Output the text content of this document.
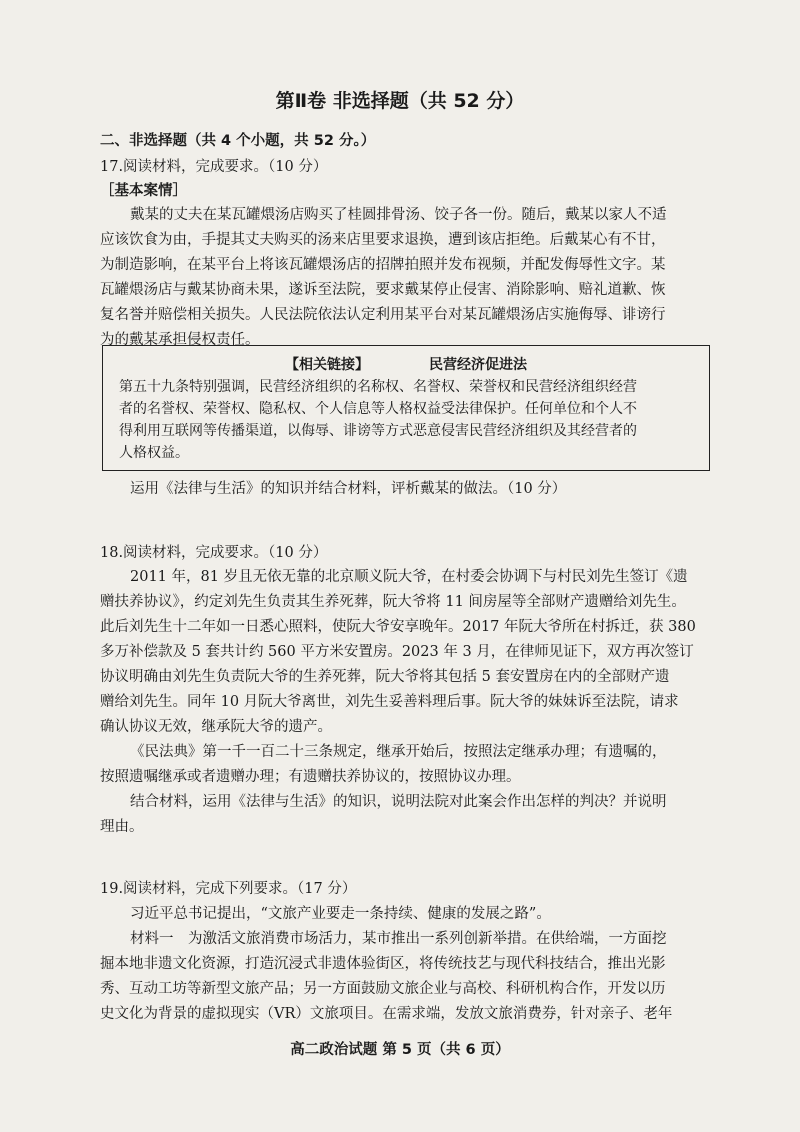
第Ⅱ卷 非选择题（共 52 分）
二、非选择题（共 4 个小题，共 52 分。）
17.阅读材料，完成要求。（10 分）
［基本案情］
戴某的丈夫在某瓦罐煨汤店购买了桂圆排骨汤、饺子各一份。随后，戴某以家人不适
应该饮食为由，手提其丈夫购买的汤来店里要求退换，遭到该店拒绝。后戴某心有不甘，
为制造影响，在某平台上将该瓦罐煨汤店的招牌拍照并发布视频，并配发侮辱性文字。某
瓦罐煨汤店与戴某协商未果，遂诉至法院，要求戴某停止侵害、消除影响、赔礼道歉、恢
复名誉并赔偿相关损失。人民法院依法认定利用某平台对某瓦罐煨汤店实施侮辱、诽谤行
为的戴某承担侵权责任。
【相关链接】	民营经济促进法
第五十九条特别强调，民营经济组织的名称权、名誉权、荣誉权和民营经济组织经营
者的名誉权、荣誉权、隐私权、个人信息等人格权益受法律保护。任何单位和个人不
得利用互联网等传播渠道，以侮辱、诽谤等方式恶意侵害民营经济组织及其经营者的
人格权益。
运用《法律与生活》的知识并结合材料，评析戴某的做法。（10 分）
18.阅读材料，完成要求。（10 分）
2011 年，81 岁且无依无靠的北京顺义阮大爷，在村委会协调下与村民刘先生签订《遗
赠扶养协议》，约定刘先生负责其生养死葬，阮大爷将 11 间房屋等全部财产遗赠给刘先生。
此后刘先生十二年如一日悉心照料，使阮大爷安享晚年。2017 年阮大爷所在村拆迁，获 380
多万补偿款及 5 套共计约 560 平方米安置房。2023 年 3 月，在律师见证下，双方再次签订
协议明确由刘先生负责阮大爷的生养死葬，阮大爷将其包括 5 套安置房在内的全部财产遗
赠给刘先生。同年 10 月阮大爷离世，刘先生妥善料理后事。阮大爷的妹妹诉至法院，请求
确认协议无效，继承阮大爷的遗产。
《民法典》第一千一百二十三条规定，继承开始后，按照法定继承办理；有遗嘱的，
按照遗嘱继承或者遗赠办理；有遗赠扶养协议的，按照协议办理。
结合材料，运用《法律与生活》的知识，说明法院对此案会作出怎样的判决？并说明
理由。
19.阅读材料，完成下列要求。（17 分）
习近平总书记提出，“文旅产业要走一条持续、健康的发展之路”。
材料一　为激活文旅消费市场活力，某市推出一系列创新举措。在供给端，一方面挖
掘本地非遗文化资源，打造沉浸式非遗体验街区，将传统技艺与现代科技结合，推出光影
秀、互动工坊等新型文旅产品；另一方面鼓励文旅企业与高校、科研机构合作，开发以历
史文化为背景的虚拟现实（VR）文旅项目。在需求端，发放文旅消费券，针对亲子、老年
高二政治试题 第 5 页（共 6 页）
